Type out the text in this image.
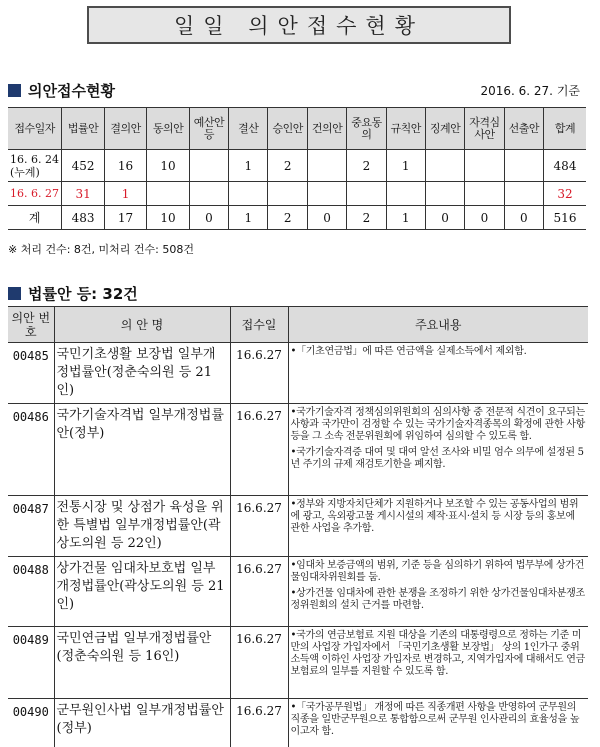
일일 의안접수현황
의안접수현황	2016. 6. 27. 기준
접수일자	법률안	결의안	동의안	예산안등	결산	승인안	건의안	중요동의	규칙안	징계안	자격심사안	선출안	합계
16. 6. 24 (누계)	452	16	10		1	2		2	1				484
16. 6. 27	31	1											32
계	483	17	10	0	1	2	0	2	1	0	0	0	516
※ 처리 건수: 8건, 미처리 건수: 508건
법률안 등: 32건
의안 번호	의 안 명	접수일	주요내용
00485	국민기초생활 보장법 일부개정법률안(정춘숙의원 등 21인)	16.6.27	•「기초연금법」에 따른 연금액을 실제소득에서 제외함.

00486	국가기술자격법 일부개정법률안(정부)	16.6.27	•국가기술자격 정책심의위원회의 심의사항 중 전문적 식견이 요구되는 사항과 국가만이 검정할 수 있는 국가기술자격종목의 확정에 관한 사항 등을 그 소속 전문위원회에 위임하여 심의할 수 있도록 함.

•국가기술자격증 대여 및 대여 알선 조사와 비밀 엄수 의무에 설정된 5년 주기의 규제 재검토기한을 폐지함.

00487	전통시장 및 상점가 육성을 위한 특별법 일부개정법률안(곽상도의원 등 22인)	16.6.27	•정부와 지방자치단체가 지원하거나 보조할 수 있는 공동사업의 범위에 광고, 옥외광고물 게시시설의 제작·표시·설치 등 시장 등의 홍보에 관한 사업을 추가함.

00488	상가건물 임대차보호법 일부개정법률안(곽상도의원 등 21인)	16.6.27	•임대차 보증금액의 범위, 기준 등을 심의하기 위하여 법무부에 상가건물임대차위원회를 둠.

•상가건물 임대차에 관한 분쟁을 조정하기 위한 상가건물임대차분쟁조정위원회의 설치 근거를 마련함.

00489	국민연금법 일부개정법률안(정춘숙의원 등 16인)	16.6.27	•국가의 연금보험료 지원 대상을 기존의 대통령령으로 정하는 기준 미만의 사업장 가입자에서 「국민기초생활 보장법」 상의 1인가구 중위소득액 이하인 사업장 가입자로 변경하고, 지역가입자에 대해서도 연금보험료의 일부를 지원할 수 있도록 함.

00490	군무원인사법 일부개정법률안(정부)	16.6.27	•「국가공무원법」 개정에 따른 직종개편 사항을 반영하여 군무원의 직종을 일반군무원으로 통합함으로써 군무원 인사관리의 효율성을 높이고자 함.
